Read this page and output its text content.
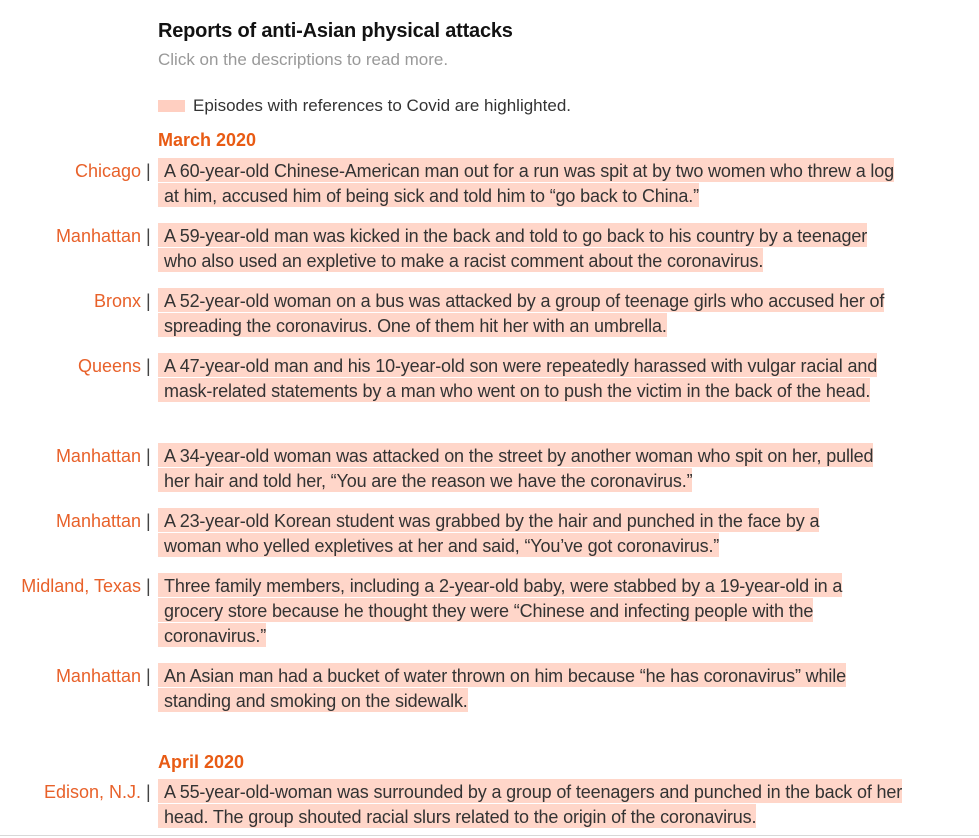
Reports of anti-Asian physical attacks
Click on the descriptions to read more.
Episodes with references to Covid are highlighted.
March 2020
Chicago | A 60-year-old Chinese-American man out for a run was spit at by two women who threw a log at him, accused him of being sick and told him to “go back to China.”
Manhattan | A 59-year-old man was kicked in the back and told to go back to his country by a teenager who also used an expletive to make a racist comment about the coronavirus.
Bronx | A 52-year-old woman on a bus was attacked by a group of teenage girls who accused her of spreading the coronavirus. One of them hit her with an umbrella.
Queens | A 47-year-old man and his 10-year-old son were repeatedly harassed with vulgar racial and mask-related statements by a man who went on to push the victim in the back of the head.
Manhattan | A 34-year-old woman was attacked on the street by another woman who spit on her, pulled her hair and told her, “You are the reason we have the coronavirus.”
Manhattan | A 23-year-old Korean student was grabbed by the hair and punched in the face by a woman who yelled expletives at her and said, “You’ve got coronavirus.”
Midland, Texas | Three family members, including a 2-year-old baby, were stabbed by a 19-year-old in a grocery store because he thought they were “Chinese and infecting people with the coronavirus.”
Manhattan | An Asian man had a bucket of water thrown on him because “he has coronavirus” while standing and smoking on the sidewalk.
April 2020
Edison, N.J. | A 55-year-old-woman was surrounded by a group of teenagers and punched in the back of her head. The group shouted racial slurs related to the origin of the coronavirus.
